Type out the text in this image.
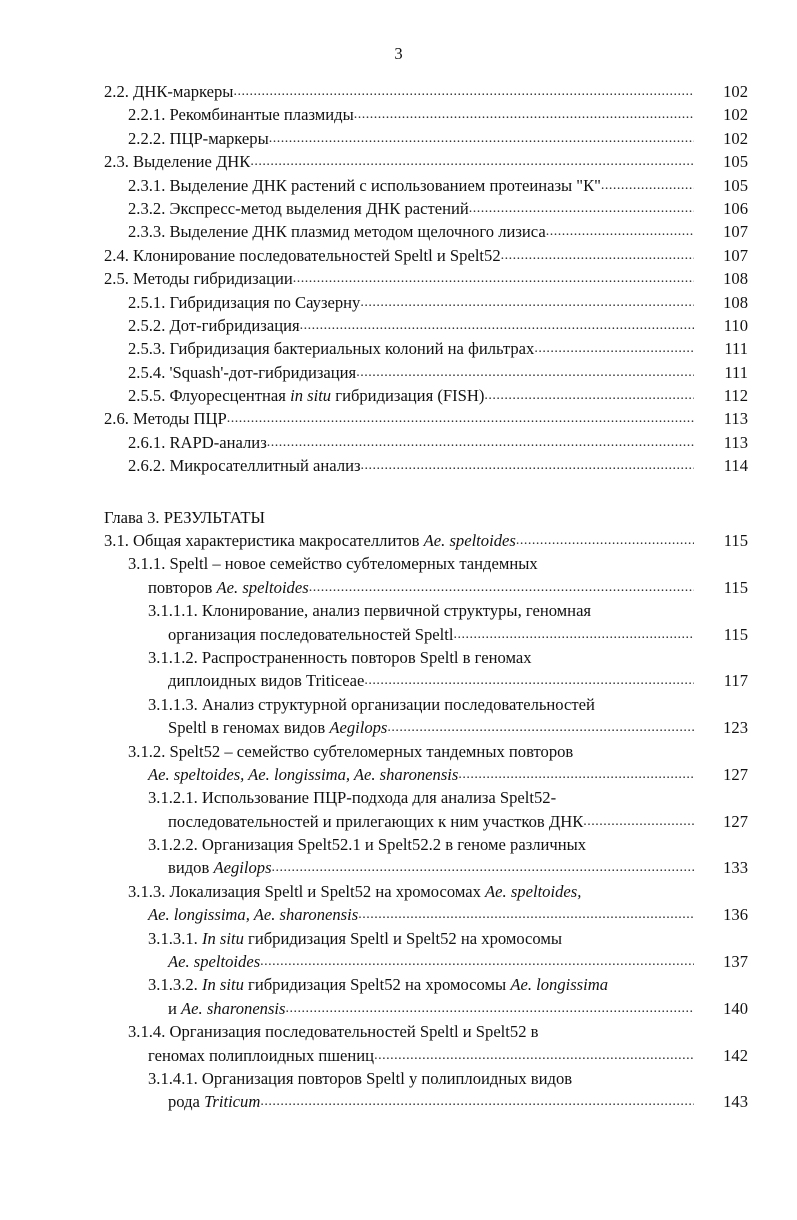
3
2.2. ДНК-маркеры .....	102
2.2.1. Рекомбинантые плазмиды .....	102
2.2.2. ПЦР-маркеры .....	102
2.3. Выделение ДНК .....	105
2.3.1. Выделение ДНК растений с использованием протеиназы "К" .....	105
2.3.2. Экспресс-метод выделения ДНК растений .....	106
2.3.3. Выделение ДНК плазмид методом щелочного лизиса .....	107
2.4. Клонирование последовательностей Speltl и Spelt52 .....	107
2.5. Методы гибридизации .....	108
2.5.1. Гибридизация по Саузерну .....	108
2.5.2. Дот-гибридизация .....	110
2.5.3. Гибридизация бактериальных колоний на фильтрах .....	111
2.5.4. 'Squash'-дот-гибридизация .....	111
2.5.5. Флуоресцентная in situ гибридизация (FISH) .....	112
2.6. Методы ПЦР .....	113
2.6.1. RAPD-анализ .....	113
2.6.2. Микросателлитный анализ .....	114
Глава 3. РЕЗУЛЬТАТЫ
3.1. Общая характеристика макросателлитов Ae. speltoides .....	115
3.1.1. Speltl – новое семейство субтеломерных тандемных
повторов Ae. speltoides .....	115
3.1.1.1. Клонирование, анализ первичной структуры, геномная
организация последовательностей Speltl .....	115
3.1.1.2. Распространенность повторов Speltl в геномах
диплоидных видов Triticeae .....	117
3.1.1.3. Анализ структурной организации последовательностей
Speltl в геномах видов Aegilops .....	123
3.1.2. Spelt52 – семейство субтеломерных тандемных повторов
Ae. speltoides, Ae. longissima, Ae. sharonensis .....	127
3.1.2.1. Использование ПЦР-подхода для анализа Spelt52-
последовательностей и прилегающих к ним участков ДНК .....	127
3.1.2.2. Организация Spelt52.1 и Spelt52.2 в геноме различных
видов Aegilops .....	133
3.1.3. Локализация Speltl и Spelt52 на хромосомах Ae. speltoides,
Ae. longissima, Ae. sharonensis .....	136
3.1.3.1. In situ гибридизация Speltl и Spelt52 на хромосомы
Ae. speltoides .....	137
3.1.3.2. In situ гибридизация Spelt52 на хромосомы Ae. longissima
и Ae. sharonensis .....	140
3.1.4. Организация последовательностей Speltl и Spelt52 в
геномах полиплоидных пшениц .....	142
3.1.4.1. Организация повторов Speltl у полиплоидных видов
рода Triticum .....	143
